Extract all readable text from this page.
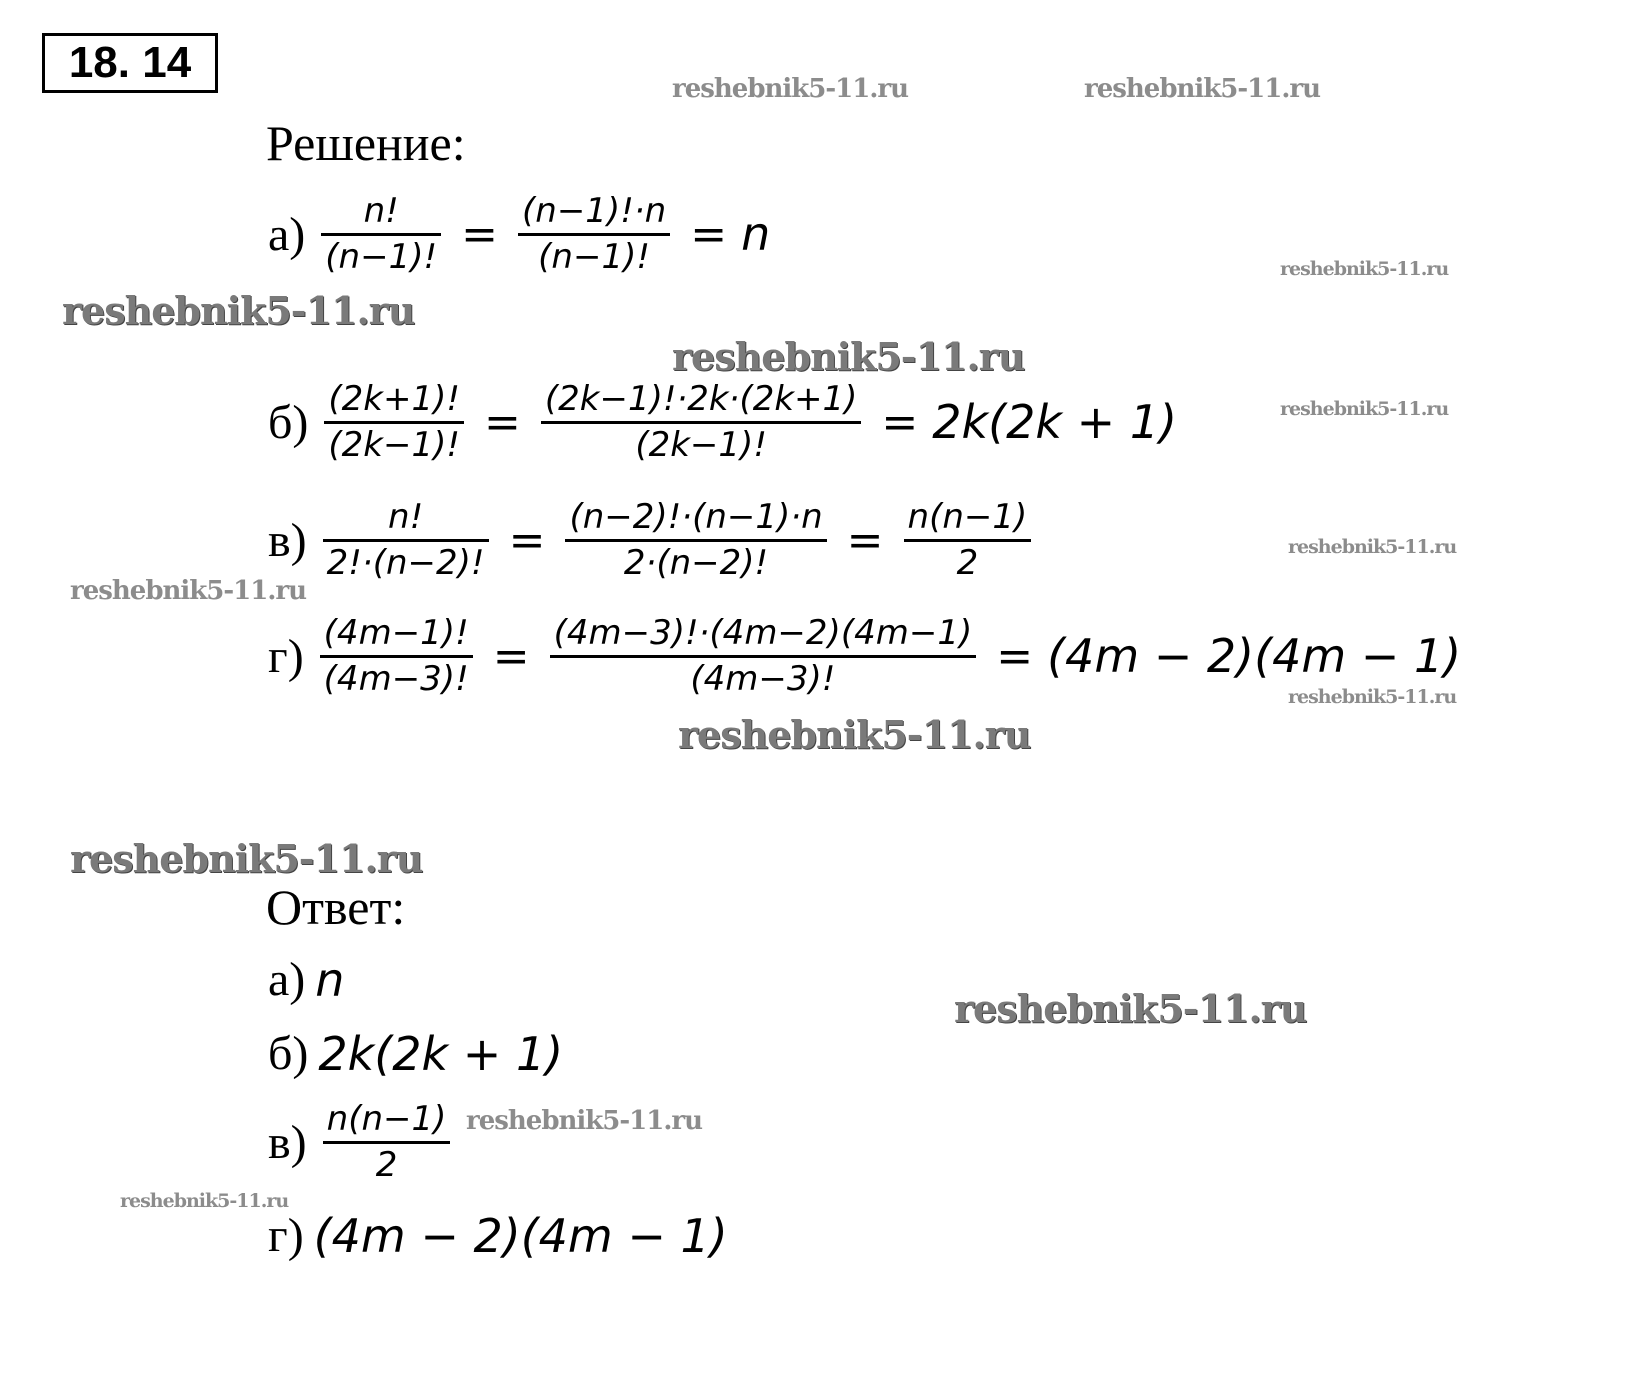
18. 14
Решение:
$а) \frac{n!}{(n-1)!} = \frac{(n-1)!\cdot n}{(n-1)!} = n$
$б) \frac{(2k+1)!}{(2k-1)!} = \frac{(2k-1)!\cdot 2k\cdot(2k+1)}{(2k-1)!} = 2k(2k + 1)$
$в) \frac{n!}{2!\cdot(n-2)!} = \frac{(n-2)!\cdot(n-1)\cdot n}{2\cdot(n-2)!} = \frac{n(n-1)}{2}$
$г) \frac{(4m-1)!}{(4m-3)!} = \frac{(4m-3)!\cdot(4m-2)(4m-1)}{(4m-3)!} = (4m - 2)(4m - 1)$
Ответ:
а) n
б) 2k(2k + 1)
$в) \frac{n(n-1)}{2}$
г) (4m − 2)(4m − 1)
reshebnik5-11.ru	reshebnik5-11.ru
reshebnik5-11.ru
reshebnik5-11.ru
reshebnik5-11.ru
reshebnik5-11.ru
reshebnik5-11.ru
reshebnik5-11.ru
reshebnik5-11.ru
reshebnik5-11.ru
reshebnik5-11.ru
reshebnik5-11.ru
reshebnik5-11.ru
reshebnik5-11.ru
